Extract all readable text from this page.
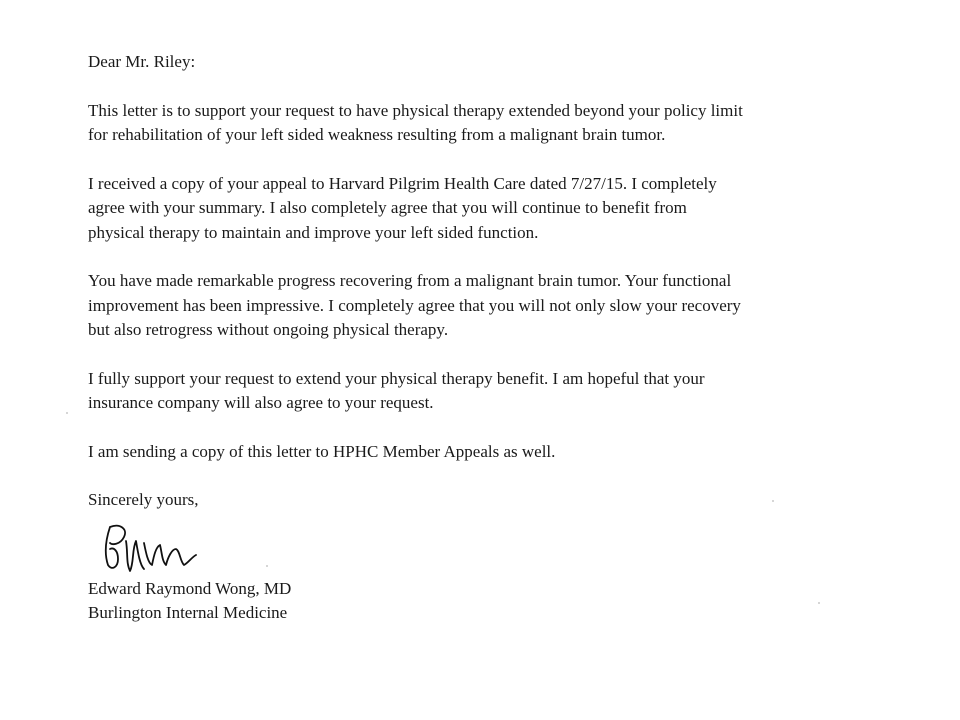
Dear Mr. Riley:

This letter is to support your request to have physical therapy extended beyond your policy limit
for rehabilitation of your left sided weakness resulting from a malignant brain tumor.

I received a copy of your appeal to Harvard Pilgrim Health Care dated 7/27/15. I completely
agree with your summary. I also completely agree that you will continue to benefit from
physical therapy to maintain and improve your left sided function.

You have made remarkable progress recovering from a malignant brain tumor. Your functional
improvement has been impressive. I completely agree that you will not only slow your recovery
but also retrogress without ongoing physical therapy.

I fully support your request to extend your physical therapy benefit. I am hopeful that your
insurance company will also agree to your request.

I am sending a copy of this letter to HPHC Member Appeals as well.

Sincerely yours,

Edward Raymond Wong, MD
Burlington Internal Medicine
